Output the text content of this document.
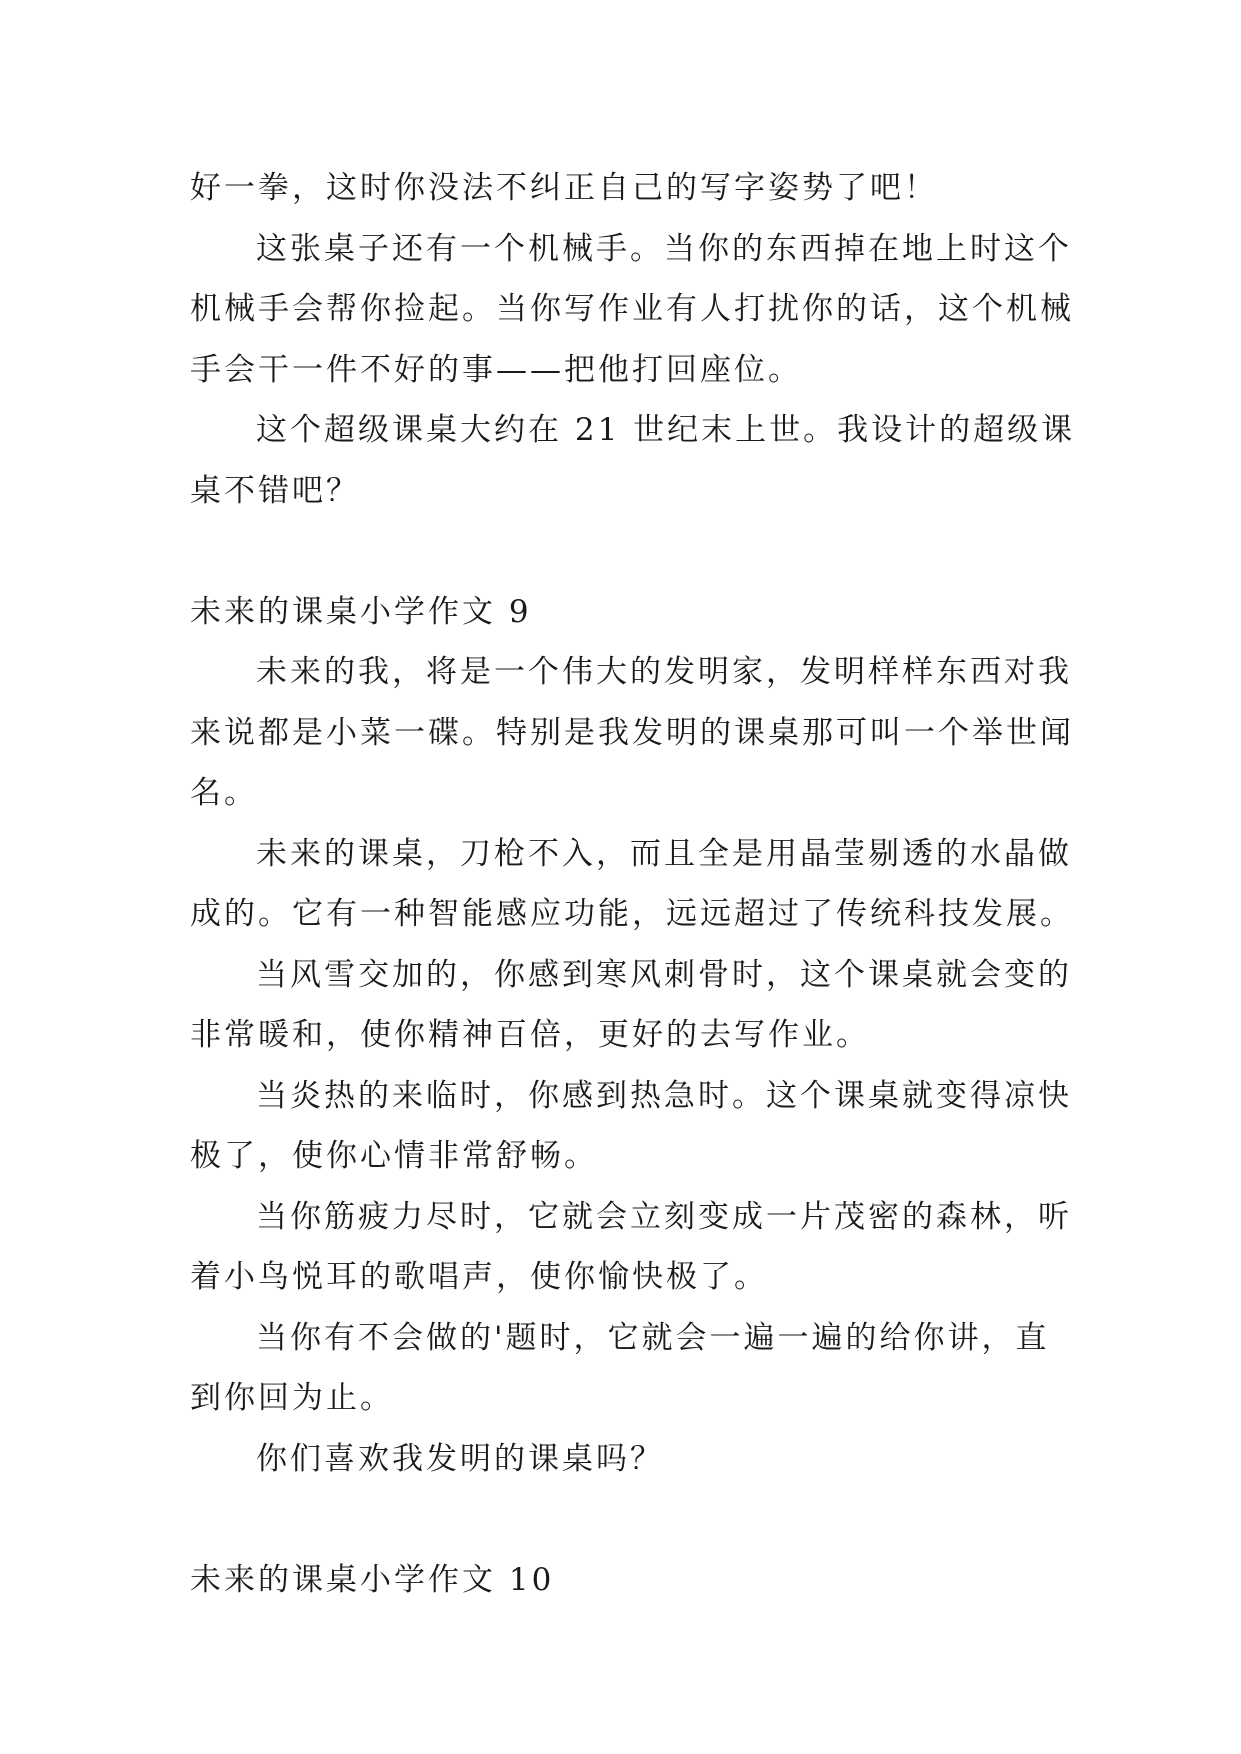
好一拳，这时你没法不纠正自己的写字姿势了吧！
这张桌子还有一个机械手。当你的东西掉在地上时这个
机械手会帮你捡起。当你写作业有人打扰你的话，这个机械
手会干一件不好的事——把他打回座位。
这个超级课桌大约在 21 世纪末上世。我设计的超级课
桌不错吧？
未来的课桌小学作文 9
未来的我，将是一个伟大的发明家，发明样样东西对我
来说都是小菜一碟。特别是我发明的课桌那可叫一个举世闻
名。
未来的课桌，刀枪不入，而且全是用晶莹剔透的水晶做
成的。它有一种智能感应功能，远远超过了传统科技发展。
当风雪交加的，你感到寒风刺骨时，这个课桌就会变的
非常暖和，使你精神百倍，更好的去写作业。
当炎热的来临时，你感到热急时。这个课桌就变得凉快
极了，使你心情非常舒畅。
当你筋疲力尽时，它就会立刻变成一片茂密的森林，听
着小鸟悦耳的歌唱声，使你愉快极了。
当你有不会做的'题时，它就会一遍一遍的给你讲，直
到你回为止。
你们喜欢我发明的课桌吗？
未来的课桌小学作文 10
